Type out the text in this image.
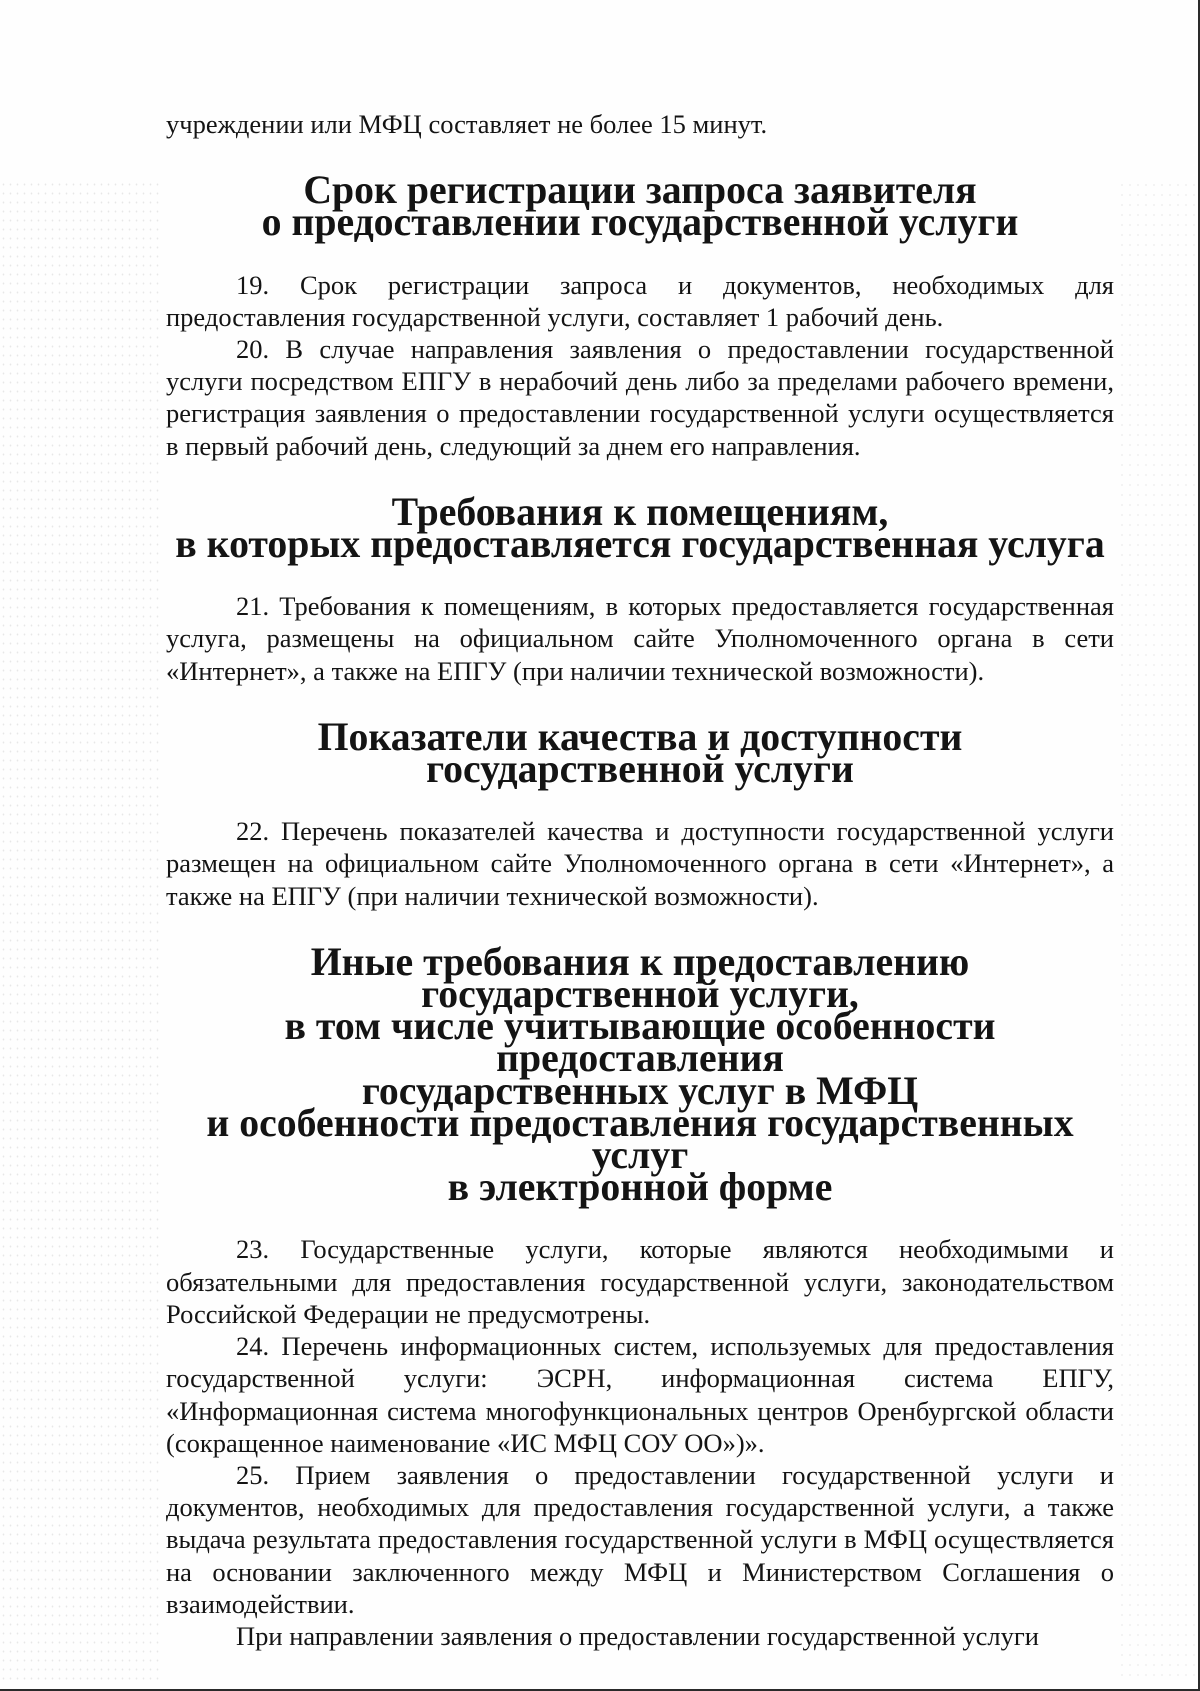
учреждении или МФЦ составляет не более 15 минут.

Срок регистрации запроса заявителя
о предоставлении государственной услуги

19. Срок регистрации запроса и документов, необходимых для предоставления государственной услуги, составляет 1 рабочий день.

20. В случае направления заявления о предоставлении государственной услуги посредством ЕПГУ в нерабочий день либо за пределами рабочего времени, регистрация заявления о предоставлении государственной услуги осуществляется в первый рабочий день, следующий за днем его направления.

Требования к помещениям,
в которых предоставляется государственная услуга

21. Требования к помещениям, в которых предоставляется государственная услуга, размещены на официальном сайте Уполномоченного органа в сети «Интернет», а также на ЕПГУ (при наличии технической возможности).

Показатели качества и доступности государственной услуги

22. Перечень показателей качества и доступности государственной услуги размещен на официальном сайте Уполномоченного органа в сети «Интернет», а также на ЕПГУ (при наличии технической возможности).

Иные требования к предоставлению государственной услуги,
в том числе учитывающие особенности предоставления
государственных услуг в МФЦ
и особенности предоставления государственных услуг
в электронной форме

23. Государственные услуги, которые являются необходимыми и обязательными для предоставления государственной услуги, законодательством Российской Федерации не предусмотрены.

24. Перечень информационных систем, используемых для предоставления государственной услуги: ЭСРН, информационная система ЕПГУ, «Информационная система многофункциональных центров Оренбургской области (сокращенное наименование «ИС МФЦ СОУ ОО»)».

25. Прием заявления о предоставлении государственной услуги и документов, необходимых для предоставления государственной услуги, а также выдача результата предоставления государственной услуги в МФЦ осуществляется на основании заключенного между МФЦ и Министерством Соглашения о взаимодействии.

При направлении заявления о предоставлении государственной услуги
